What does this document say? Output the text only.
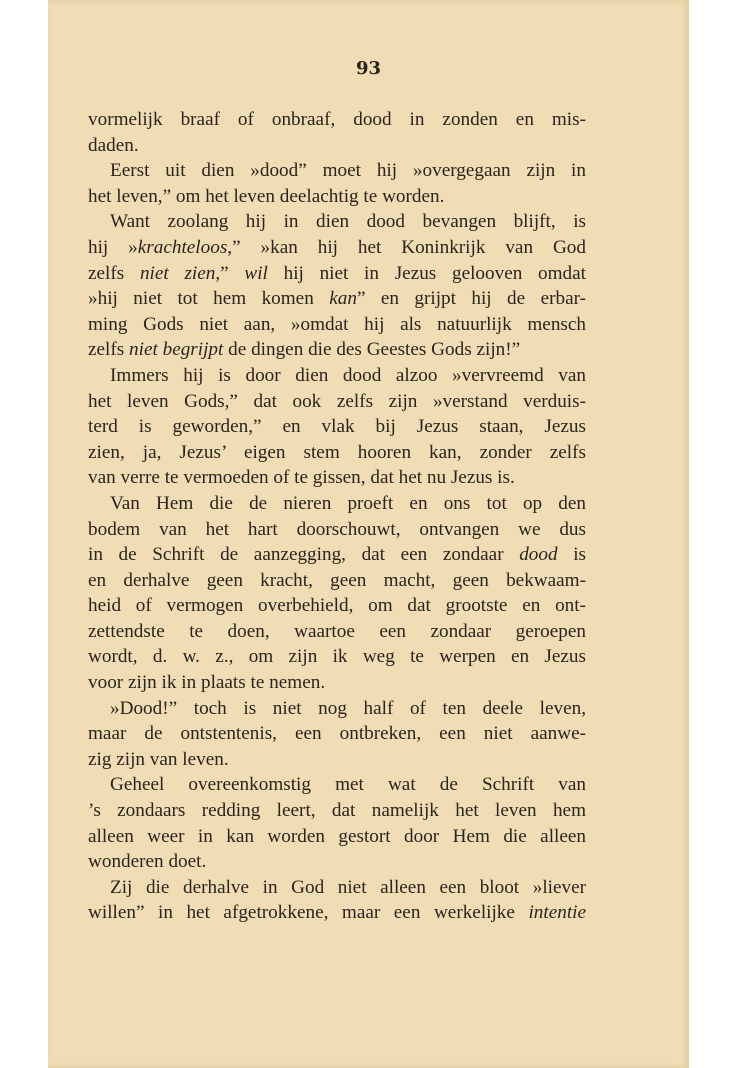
93

vormelijk braaf of onbraaf, dood in zonden en mis-
daden.
Eerst uit dien »dood” moet hij »overgegaan zijn in
het leven,” om het leven deelachtig te worden.
Want zoolang hij in dien dood bevangen blijft, is
hij »krachteloos,” »kan hij het Koninkrijk van God
zelfs niet zien,” wil hij niet in Jezus gelooven omdat
»hij niet tot hem komen kan” en grijpt hij de erbar-
ming Gods niet aan, »omdat hij als natuurlijk mensch
zelfs niet begrijpt de dingen die des Geestes Gods zijn!”
Immers hij is door dien dood alzoo »vervreemd van
het leven Gods,” dat ook zelfs zijn »verstand verduis-
terd is geworden,” en vlak bij Jezus staan, Jezus
zien, ja, Jezus’ eigen stem hooren kan, zonder zelfs
van verre te vermoeden of te gissen, dat het nu Jezus is.
Van Hem die de nieren proeft en ons tot op den
bodem van het hart doorschouwt, ontvangen we dus
in de Schrift de aanzegging, dat een zondaar dood is
en derhalve geen kracht, geen macht, geen bekwaam-
heid of vermogen overbehield, om dat grootste en ont-
zettendste te doen, waartoe een zondaar geroepen
wordt, d. w. z., om zijn ik weg te werpen en Jezus
voor zijn ik in plaats te nemen.
»Dood!” toch is niet nog half of ten deele leven,
maar de ontstentenis, een ontbreken, een niet aanwe-
zig zijn van leven.
Geheel overeenkomstig met wat de Schrift van
’s zondaars redding leert, dat namelijk het leven hem
alleen weer in kan worden gestort door Hem die alleen
wonderen doet.
Zij die derhalve in God niet alleen een bloot »liever
willen” in het afgetrokkene, maar een werkelijke intentie
